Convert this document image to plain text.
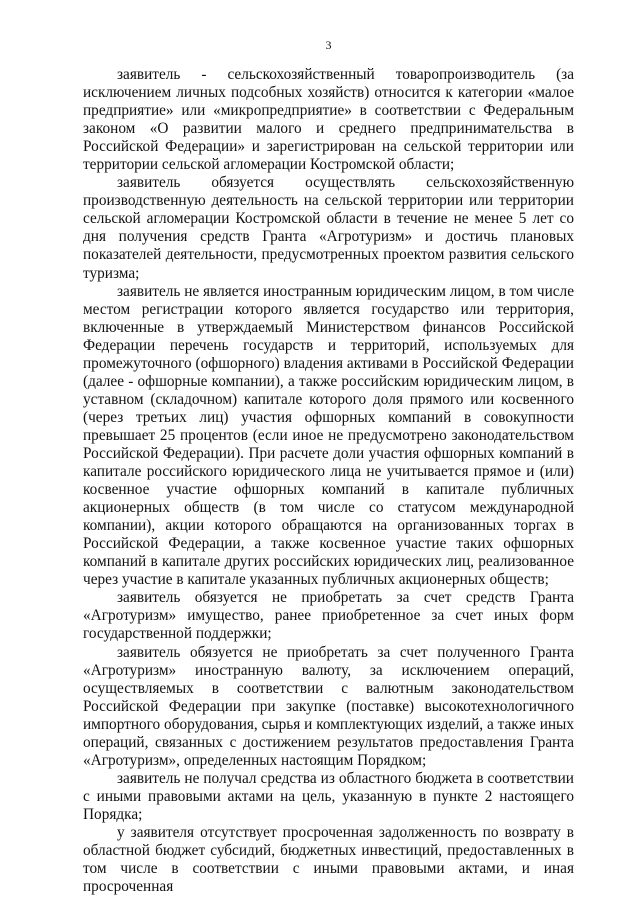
3

заявитель - сельскохозяйственный товаропроизводитель (за исключением личных подсобных хозяйств) относится к категории «малое предприятие» или «микропредприятие» в соответствии с Федеральным законом «О развитии малого и среднего предпринимательства в Российской Федерации» и зарегистрирован на сельской территории или территории сельской агломерации Костромской области;

заявитель обязуется осуществлять сельскохозяйственную производственную деятельность на сельской территории или территории сельской агломерации Костромской области в течение не менее 5 лет со дня получения средств Гранта «Агротуризм» и достичь плановых показателей деятельности, предусмотренных проектом развития сельского туризма;

заявитель не является иностранным юридическим лицом, в том числе местом регистрации которого является государство или территория, включенные в утверждаемый Министерством финансов Российской Федерации перечень государств и территорий, используемых для промежуточного (офшорного) владения активами в Российской Федерации (далее - офшорные компании), а также российским юридическим лицом, в уставном (складочном) капитале которого доля прямого или косвенного (через третьих лиц) участия офшорных компаний в совокупности превышает 25 процентов (если иное не предусмотрено законодательством Российской Федерации). При расчете доли участия офшорных компаний в капитале российского юридического лица не учитывается прямое и (или) косвенное участие офшорных компаний в капитале публичных акционерных обществ (в том числе со статусом международной компании), акции которого обращаются на организованных торгах в Российской Федерации, а также косвенное участие таких офшорных компаний в капитале других российских юридических лиц, реализованное через участие в капитале указанных публичных акционерных обществ;

заявитель обязуется не приобретать за счет средств Гранта «Агротуризм» имущество, ранее приобретенное за счет иных форм государственной поддержки;

заявитель обязуется не приобретать за счет полученного Гранта «Агротуризм» иностранную валюту, за исключением операций, осуществляемых в соответствии с валютным законодательством Российской Федерации при закупке (поставке) высокотехнологичного импортного оборудования, сырья и комплектующих изделий, а также иных операций, связанных с достижением результатов предоставления Гранта «Агротуризм», определенных настоящим Порядком;

заявитель не получал средства из областного бюджета в соответствии с иными правовыми актами на цель, указанную в пункте 2 настоящего Порядка;

у заявителя отсутствует просроченная задолженность по возврату в областной бюджет субсидий, бюджетных инвестиций, предоставленных в том числе в соответствии с иными правовыми актами, и иная просроченная
